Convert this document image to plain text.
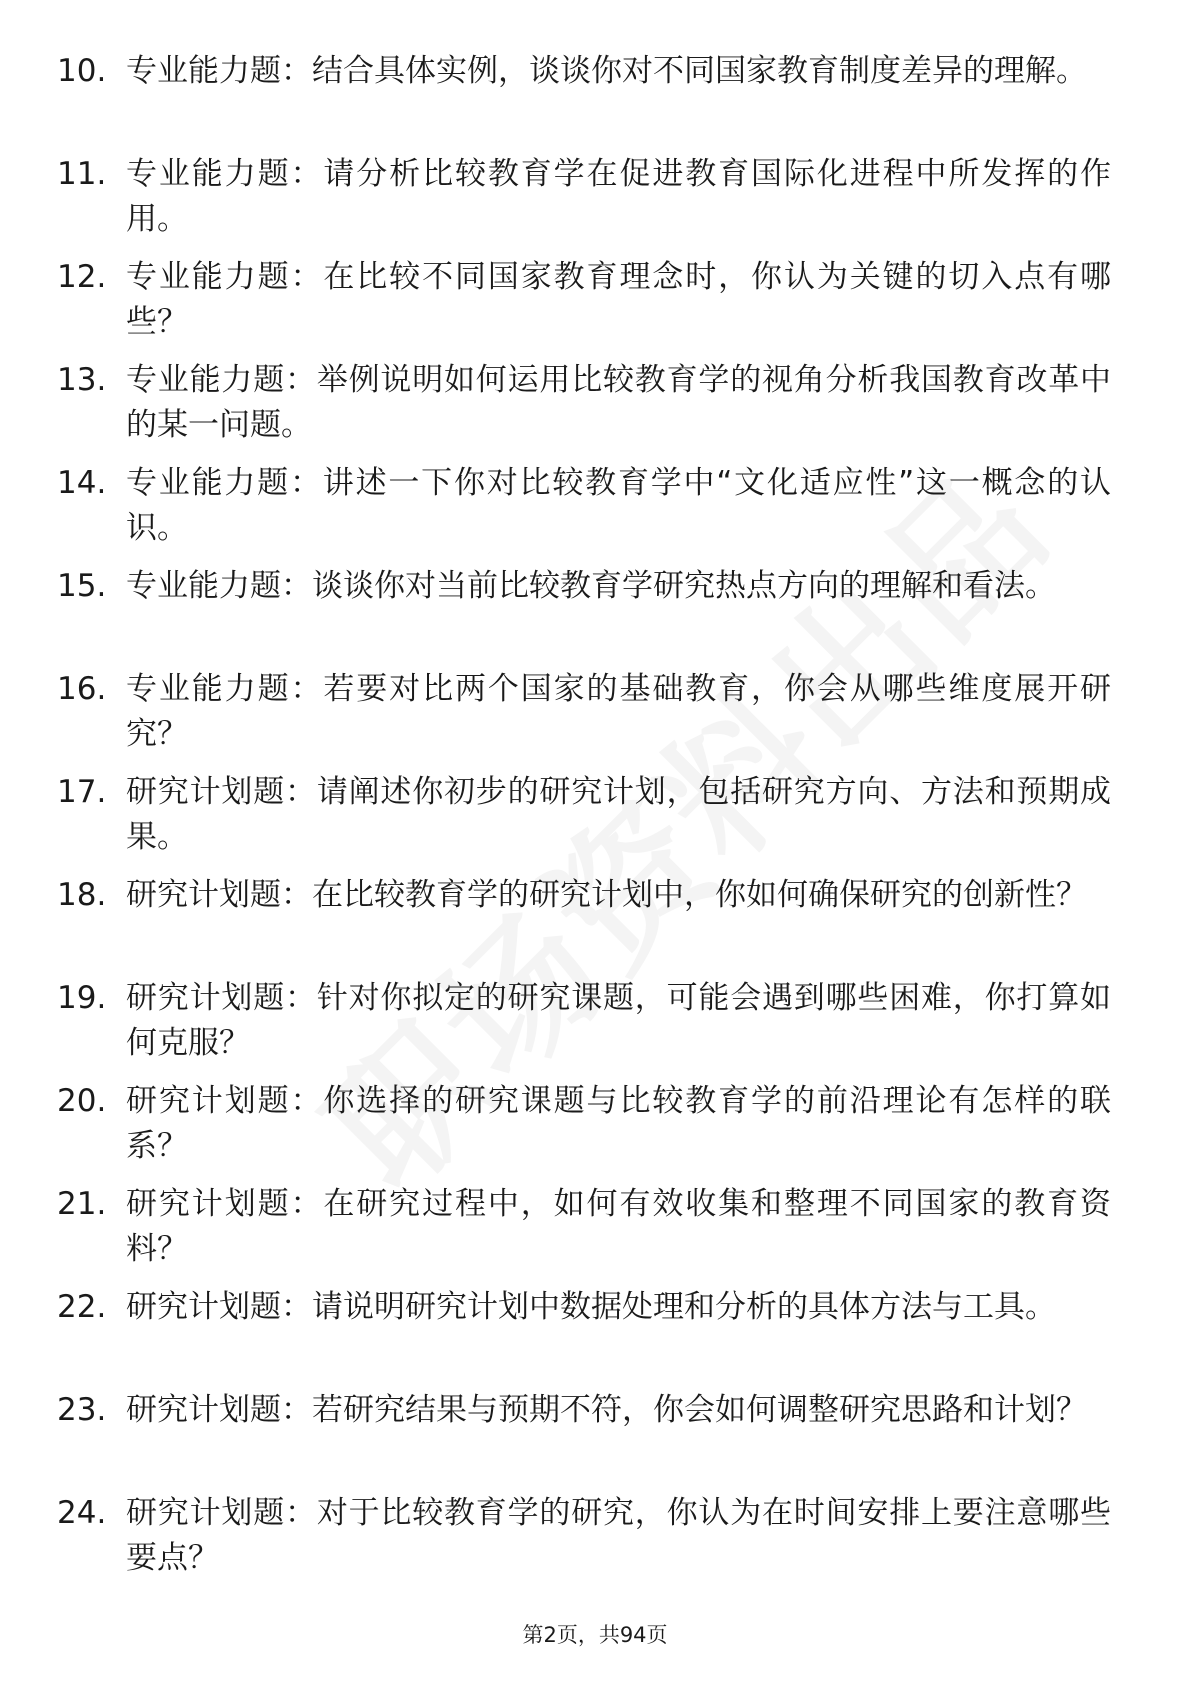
10. 专业能力题：结合具体实例，谈谈你对不同国家教育制度差异的理解。
11. 专业能力题：请分析比较教育学在促进教育国际化进程中所发挥的作用。
12. 专业能力题：在比较不同国家教育理念时，你认为关键的切入点有哪些？
13. 专业能力题：举例说明如何运用比较教育学的视角分析我国教育改革中的某一问题。
14. 专业能力题：讲述一下你对比较教育学中“文化适应性”这一概念的认识。
15. 专业能力题：谈谈你对当前比较教育学研究热点方向的理解和看法。
16. 专业能力题：若要对比两个国家的基础教育，你会从哪些维度展开研究？
17. 研究计划题：请阐述你初步的研究计划，包括研究方向、方法和预期成果。
18. 研究计划题：在比较教育学的研究计划中，你如何确保研究的创新性？
19. 研究计划题：针对你拟定的研究课题，可能会遇到哪些困难，你打算如何克服？
20. 研究计划题：你选择的研究课题与比较教育学的前沿理论有怎样的联系？
21. 研究计划题：在研究过程中，如何有效收集和整理不同国家的教育资料？
22. 研究计划题：请说明研究计划中数据处理和分析的具体方法与工具。
23. 研究计划题：若研究结果与预期不符，你会如何调整研究思路和计划？
24. 研究计划题：对于比较教育学的研究，你认为在时间安排上要注意哪些要点？
第2页，共94页
